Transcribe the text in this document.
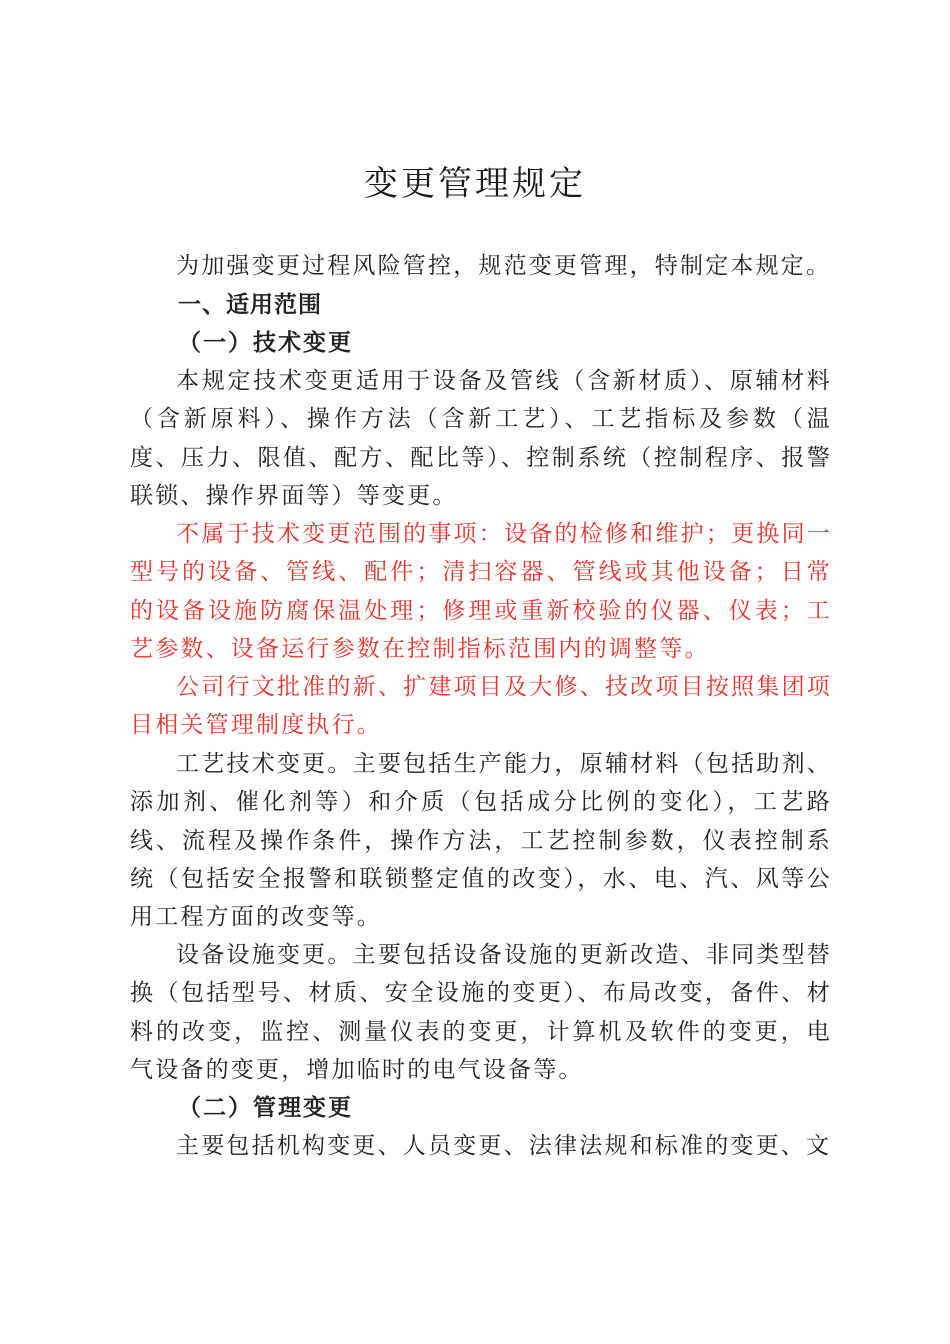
变更管理规定

为加强变更过程风险管控，规范变更管理，特制定本规定。

一、适用范围
（一）技术变更

本规定技术变更适用于设备及管线（含新材质）、原辅材料（含新原料）、操作方法（含新工艺）、工艺指标及参数（温度、压力、限值、配方、配比等）、控制系统（控制程序、报警联锁、操作界面等）等变更。

不属于技术变更范围的事项：设备的检修和维护；更换同一型号的设备、管线、配件；清扫容器、管线或其他设备；日常的设备设施防腐保温处理；修理或重新校验的仪器、仪表；工艺参数、设备运行参数在控制指标范围内的调整等。

公司行文批准的新、扩建项目及大修、技改项目按照集团项目相关管理制度执行。

工艺技术变更。主要包括生产能力，原辅材料（包括助剂、添加剂、催化剂等）和介质（包括成分比例的变化），工艺路线、流程及操作条件，操作方法，工艺控制参数，仪表控制系统（包括安全报警和联锁整定值的改变），水、电、汽、风等公用工程方面的改变等。

设备设施变更。主要包括设备设施的更新改造、非同类型替换（包括型号、材质、安全设施的变更）、布局改变，备件、材料的改变，监控、测量仪表的变更，计算机及软件的变更，电气设备的变更，增加临时的电气设备等。

（二）管理变更

主要包括机构变更、人员变更、法律法规和标准的变更、文
